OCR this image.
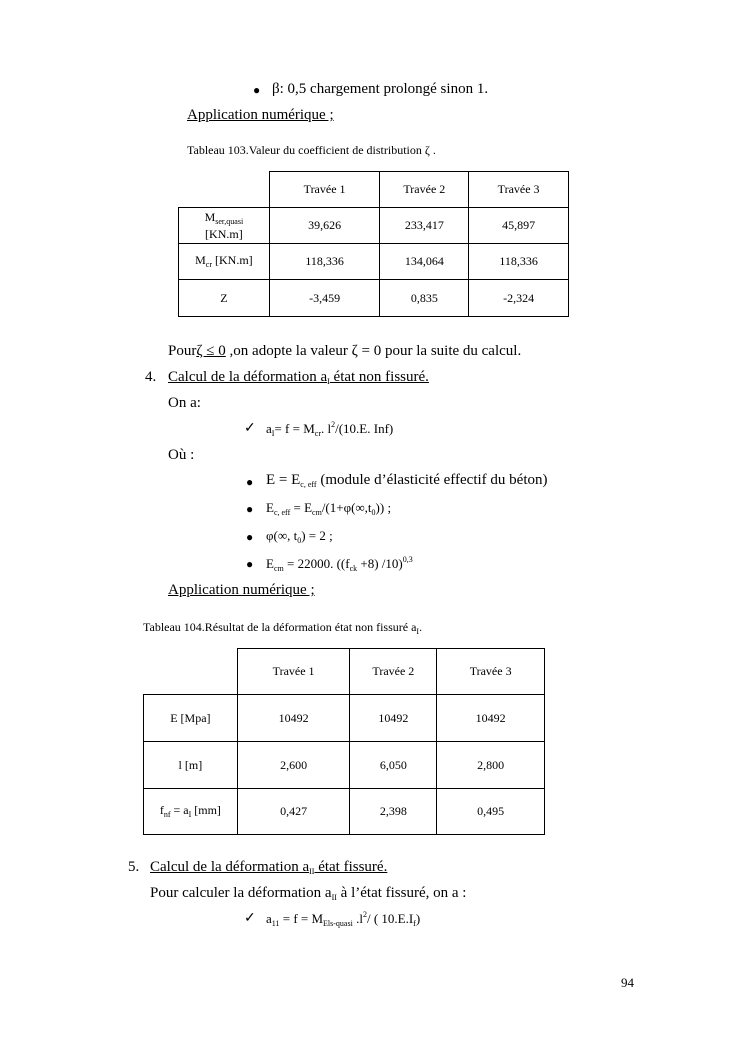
● β: 0,5 chargement prolongé sinon 1.
Application numérique ;
Tableau 103.Valeur du coefficient de distribution ζ .
	Travée 1	Travée 2	Travée 3
$M_{ser,quasi}$
[KN.m]	39,626	233,417	45,897
$M_{cr}$ [KN.m]	118,336	134,064	118,336
Z	-3,459	0,835	-2,324
Pourζ ≤ 0 ,on adopte la valeur ζ = 0 pour la suite du calcul.
4. Calcul de la déformation $a_I$ état non fissuré.
On a:
✓ $a_I= f = M_{cr}$. $l^2/(10.E$. Inf)
Où :
● $E = E_{c, eff}$ (module d’élasticité effectif du béton)
● $E_{c, eff} = E_{cm}/(1+\varphi(\infty,t_0))$ ;
● φ(∞, $t_0) = 2$ ;
● $E_{cm} = 22000$. ($(f_{ck} +8)$ /10)$^{0,3}$
Application numérique ;
Tableau 104.Résultat de la déformation état non fissuré $a_I$.
	Travée 1	Travée 2	Travée 3
E [Mpa]	10492	10492	10492
l [m]	2,600	6,050	2,800
$f_{nf} = a_I$ [mm]	0,427	2,398	0,495
5. Calcul de la déformation $a_{II}$ état fissuré.
Pour calculer la déformation $a_{II}$ à l’état fissuré, on a :
✓ $a_{11} = f = M_{Els-quasi}$ $.l^2/$ ( $10.E.I_f$)
94
